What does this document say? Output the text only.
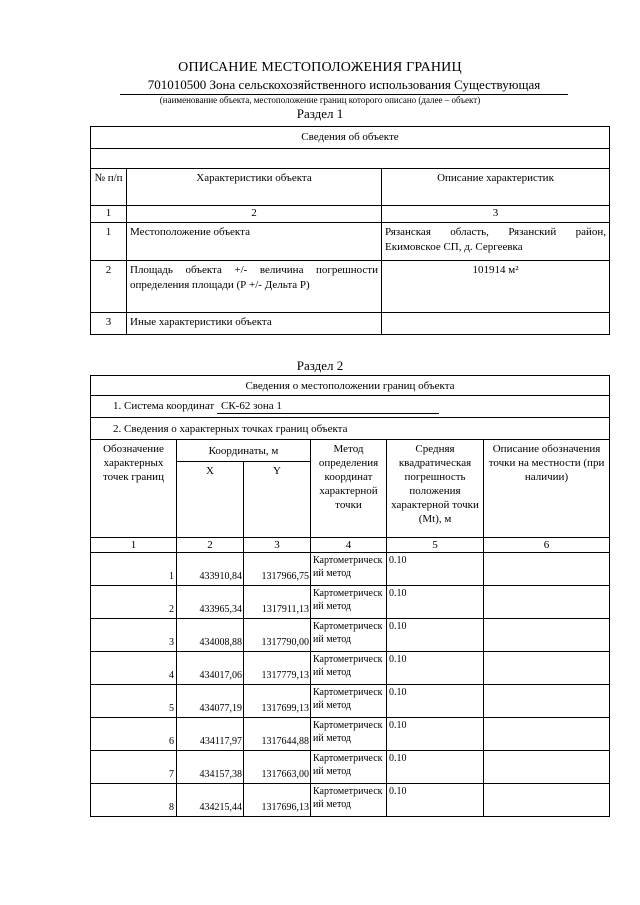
ОПИСАНИЕ МЕСТОПОЛОЖЕНИЯ ГРАНИЦ
701010500 Зона сельскохозяйственного использования Существующая
(наименование объекта, местоположение границ которого описано (далее – объект)
Раздел 1
Сведения об объекте		

№ п/п	Характеристики объекта	Описание характеристик
1	2	3
1	Местоположение объекта	Рязанская область, Рязанский район, Екимовское СП, д. Сергеевка
2	Площадь объекта +/- величина погрешности определения площади (Р +/- Дельта Р)	101914 м²
3	Иные характеристики объекта	
Раздел 2
Сведения о местоположении границ объекта					
1. Система координат СК-62 зона 1					
2. Сведения о характерных точках границ объекта					
Обозначение характерных точек границ	Координаты, м		Метод определения координат характерной точки	Средняя квадратическая погрешность положения характерной точки (Мt), м	Описание обозначения точки на местности (при наличии)
	X	Y			
1	2	3	4	5	6
1	433910,84	1317966,75	Картометрический метод	0.10	
2	433965,34	1317911,13	Картометрический метод	0.10	
3	434008,88	1317790,00	Картометрический метод	0.10	
4	434017,06	1317779,13	Картометрический метод	0.10	
5	434077,19	1317699,13	Картометрический метод	0.10	
6	434117,97	1317644,88	Картометрический метод	0.10	
7	434157,38	1317663,00	Картометрический метод	0.10	
8	434215,44	1317696,13	Картометрический метод	0.10	
